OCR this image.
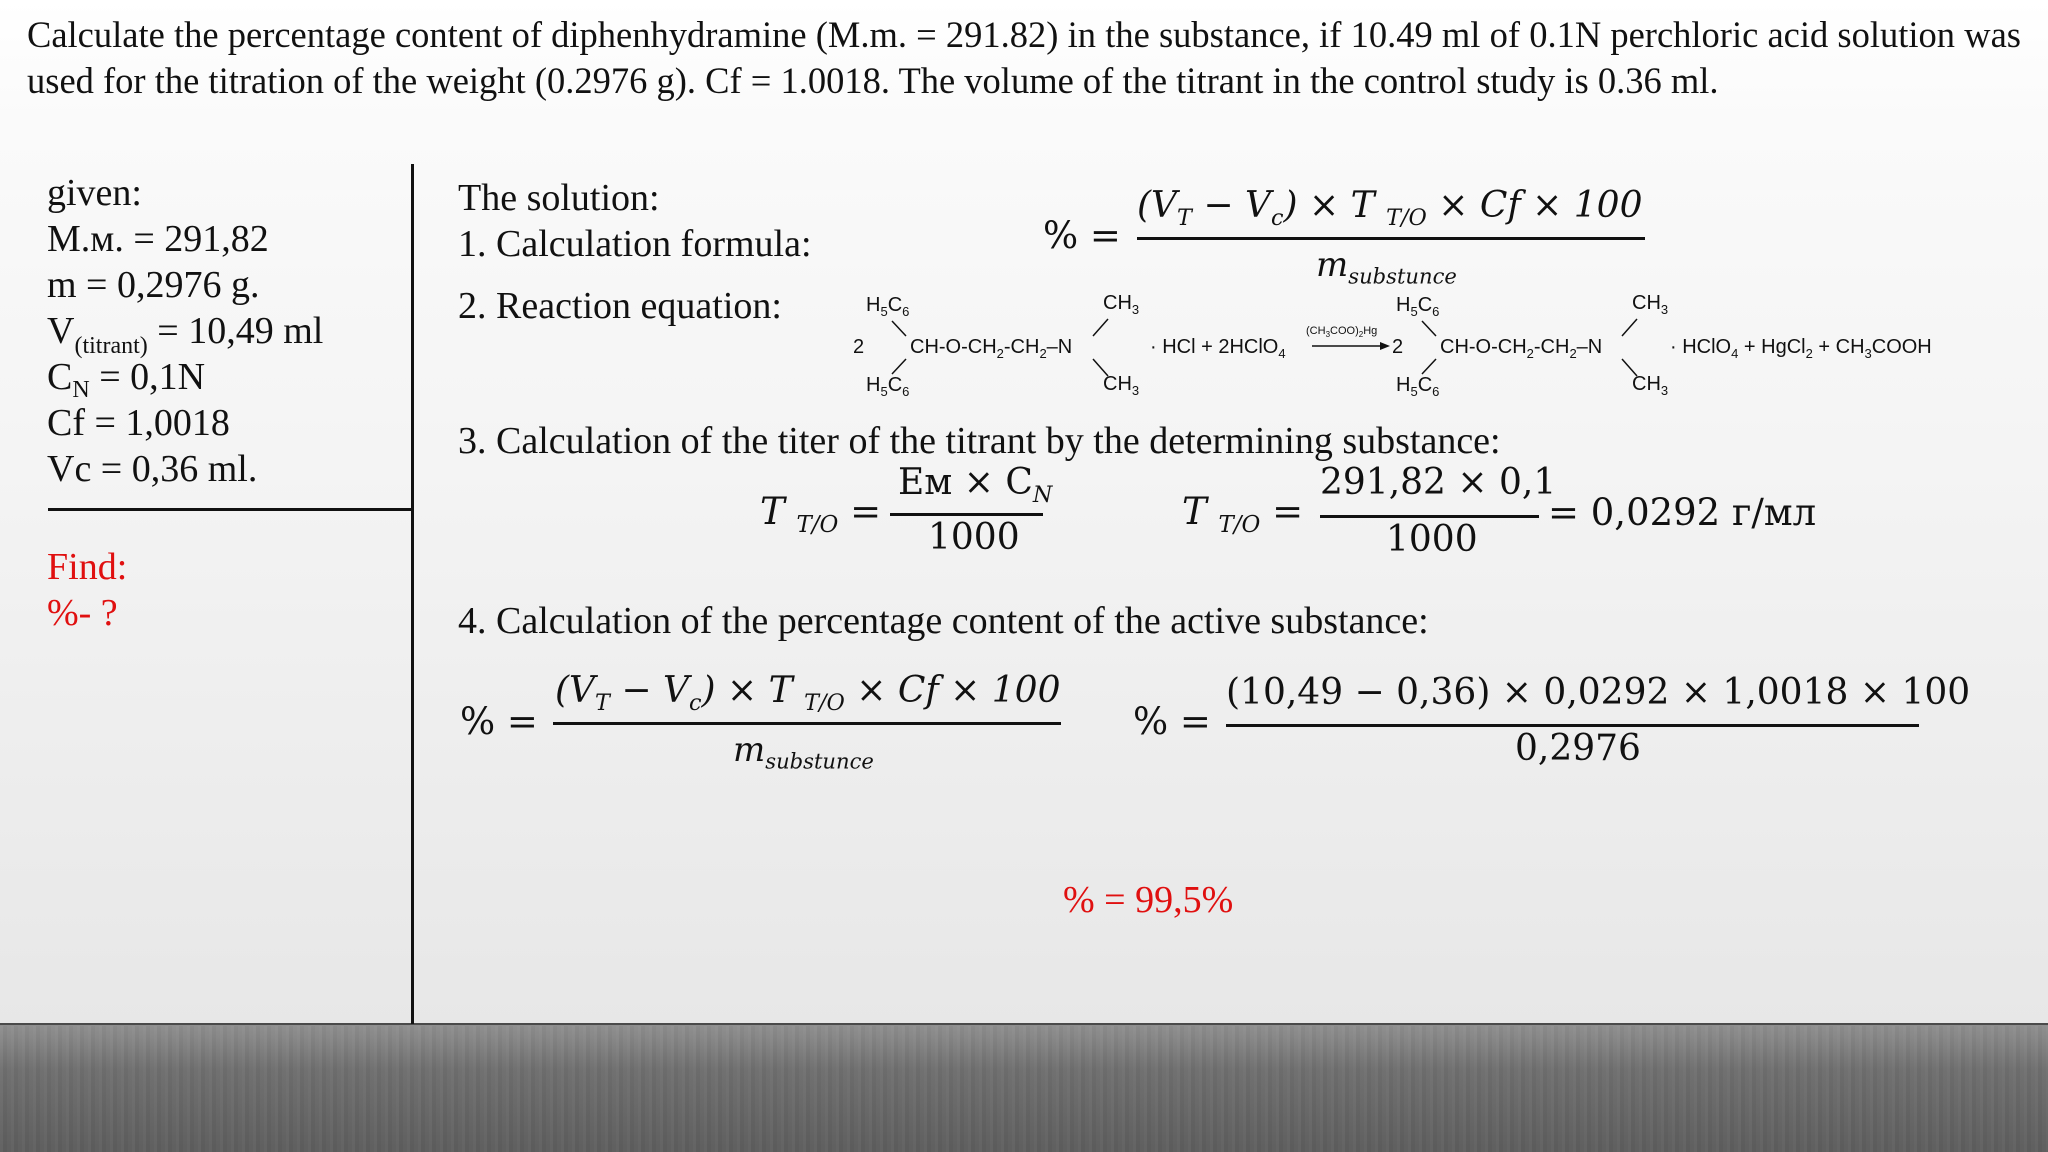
Calculate the percentage content of diphenhydramine (M.m. = 291.82) in the substance, if 10.49 ml of 0.1N perchloric acid solution was used for the titration of the weight (0.2976 g). Cf = 1.0018. The volume of the titrant in the control study is 0.36 ml.
given:
М.м. = 291,82
m = 0,2976 g.
$V_{(titrant)} = 10,49$ ml
$C_N = 0,1N$
Cf = 1,0018
Vc = 0,36 ml.
Find:
%- ?
The solution:
1. Calculation formula:
2. Reaction equation:
% =
$(V_T - V_c) \times T$ $_{T/O}$ × Cf × 100
$m_{substunce}$
2
$H_5C_6$
$CH-O-CH_2-CH_2-N$
$H_5C_6$
$CH_3$
$CH_3$
· HCl + 2HClO$_4$
$(CH_3COO)_2Hg$
2
$H_5C_6$
$CH-O-CH_2-CH_2-N$
$H_5C_6$
$CH_3$
$CH_3$
· HClO$_4$ + HgCl$_2$ + $CH_3COOH$
3. Calculation of the titer of the titrant by the determining substance:
T $_{T/O}$ =
Eм × $C_N$
1000
T $_{T/O}$ =
291,82 × 0,1
1000
= 0,0292 г/мл
4. Calculation of the percentage content of the active substance:
% =
$(V_T - V_c) \times T$ $_{T/O}$ × Cf × 100
$m_{substunce}$
% =
(10,49 − 0,36) × 0,0292 × 1,0018 × 100
0,2976
% = 99,5%
